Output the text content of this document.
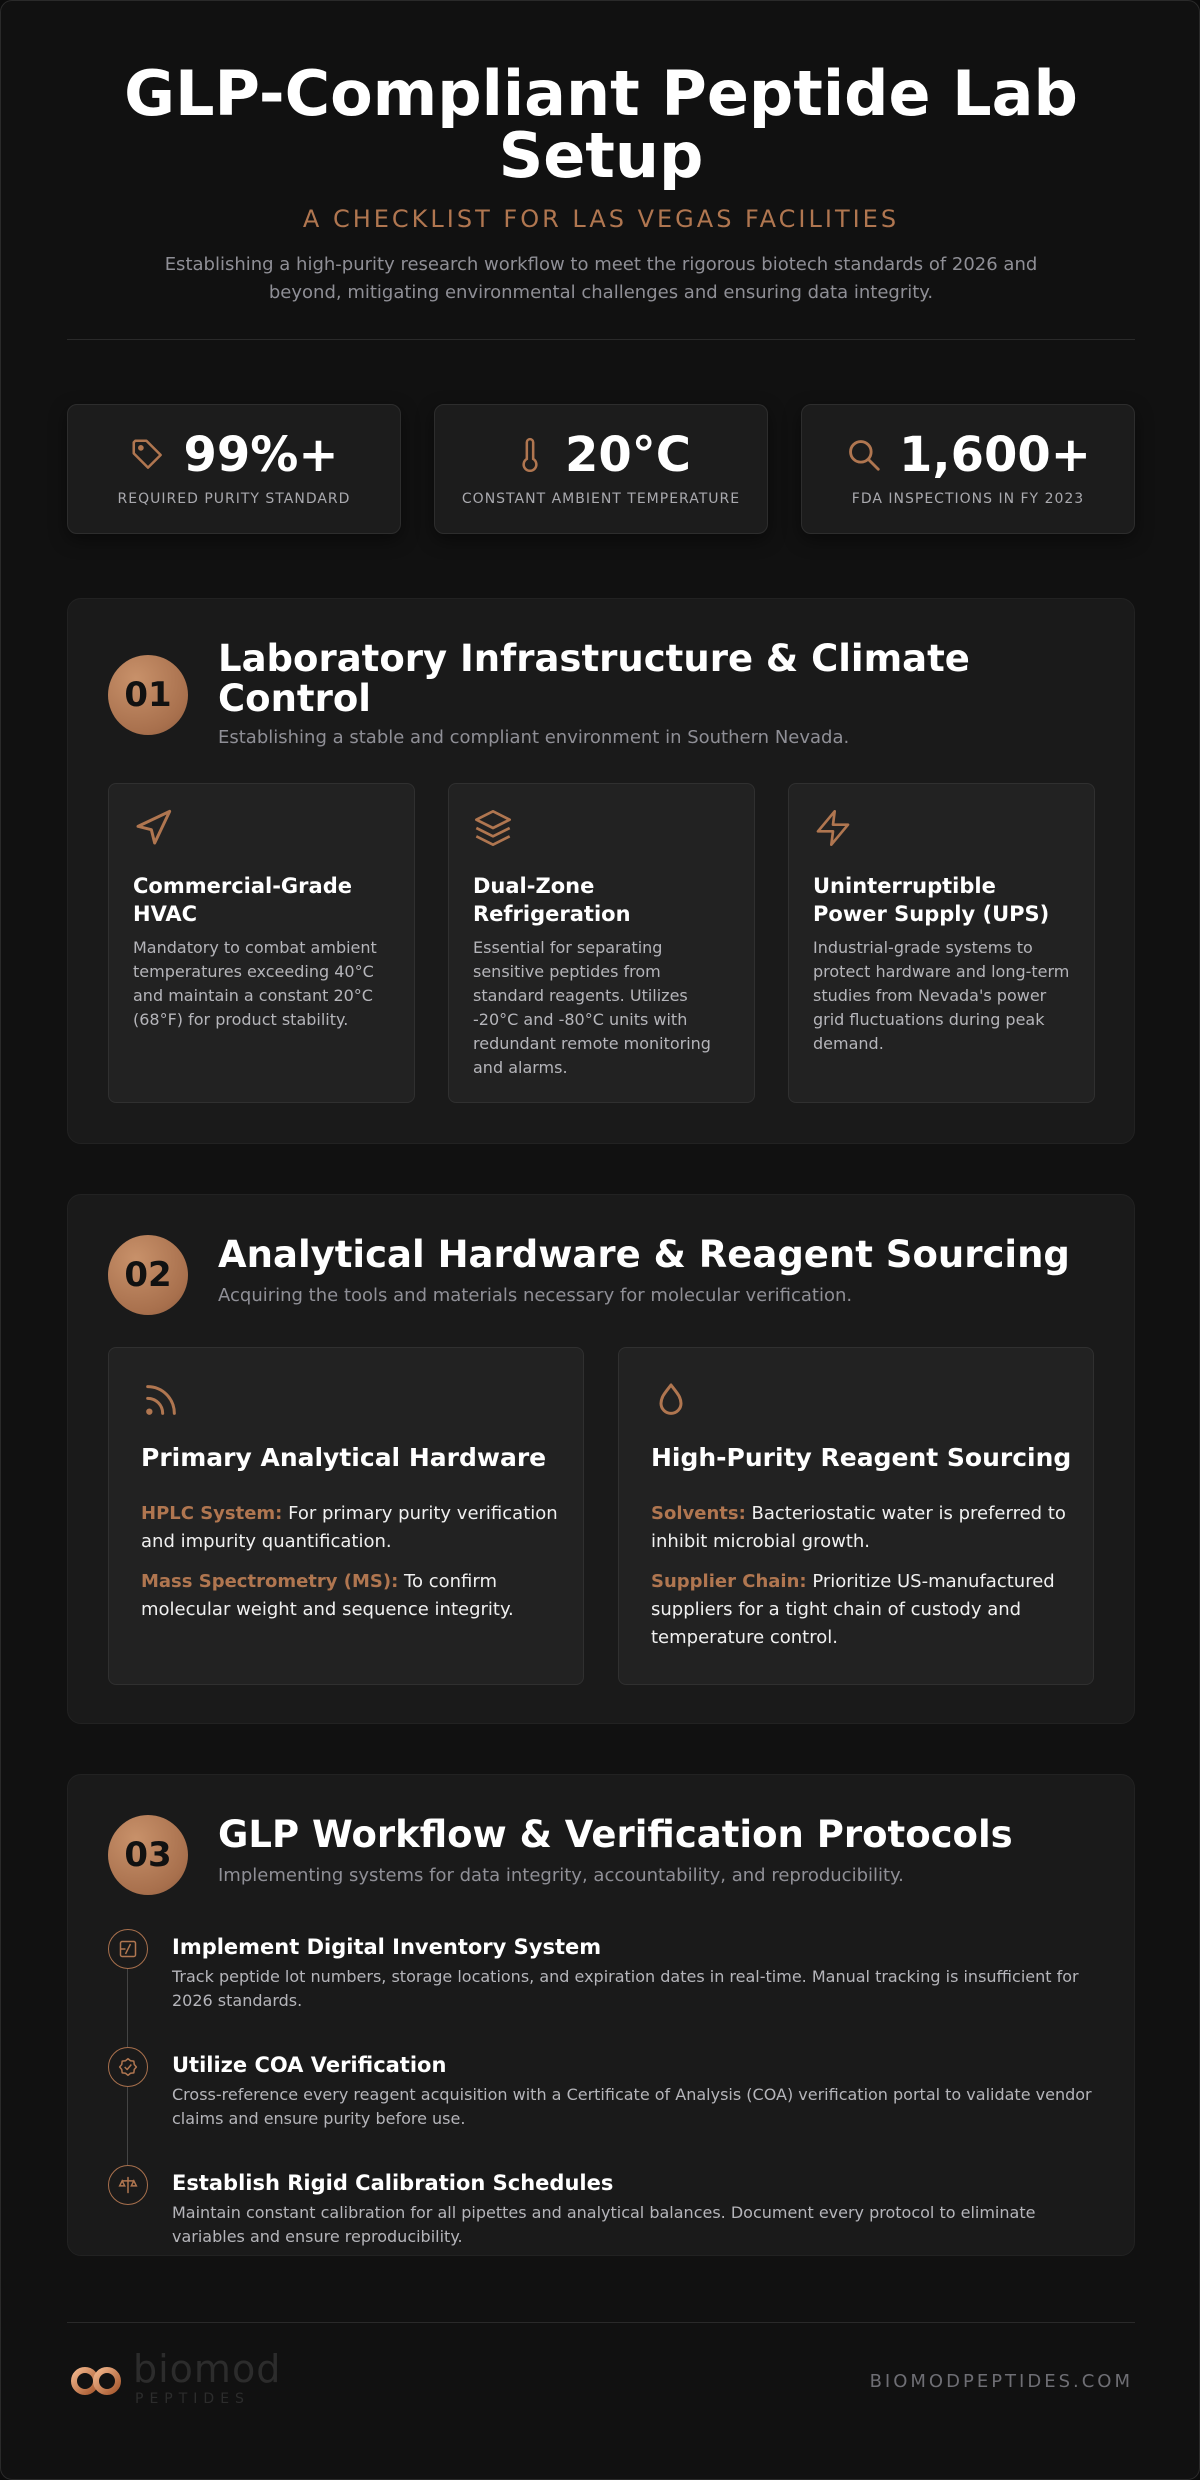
GLP-Compliant Peptide Lab Setup
A CHECKLIST FOR LAS VEGAS FACILITIES

Establishing a high-purity research workflow to meet the rigorous biotech standards of 2026 and beyond, mitigating environmental challenges and ensuring data integrity.

99%+
REQUIRED PURITY STANDARD
20°C
CONSTANT AMBIENT TEMPERATURE
1,600+
FDA INSPECTIONS IN FY 2023
01
Laboratory Infrastructure & Climate Control
Establishing a stable and compliant environment in Southern Nevada.
Commercial-Grade HVAC

Mandatory to combat ambient temperatures exceeding 40°C and maintain a constant 20°C (68°F) for product stability.

Dual-Zone Refrigeration

Essential for separating sensitive peptides from standard reagents. Utilizes -20°C and -80°C units with redundant remote monitoring and alarms.

Uninterruptible Power Supply (UPS)

Industrial-grade systems to protect hardware and long-term studies from Nevada's power grid fluctuations during peak demand.

02	Analytical Hardware & Reagent Sourcing
Acquiring the tools and materials necessary for molecular verification.
Primary Analytical Hardware
HPLC System: For primary purity verification and impurity quantification.
Mass Spectrometry (MS): To confirm molecular weight and sequence integrity.
High-Purity Reagent Sourcing
Solvents: Bacteriostatic water is preferred to inhibit microbial growth.
Supplier Chain: Prioritize US-manufactured suppliers for a tight chain of custody and temperature control.
03	GLP Workflow & Verification Protocols
Implementing systems for data integrity, accountability, and reproducibility.
Implement Digital Inventory System
Track peptide lot numbers, storage locations, and expiration dates in real-time. Manual tracking is insufficient for 2026 standards.
Utilize COA Verification
Cross-reference every reagent acquisition with a Certificate of Analysis (COA) verification portal to validate vendor claims and ensure purity before use.
Establish Rigid Calibration Schedules
Maintain constant calibration for all pipettes and analytical balances. Document every protocol to eliminate variables and ensure reproducibility.
biomod
PEPTIDES
BIOMODPEPTIDES.COM
